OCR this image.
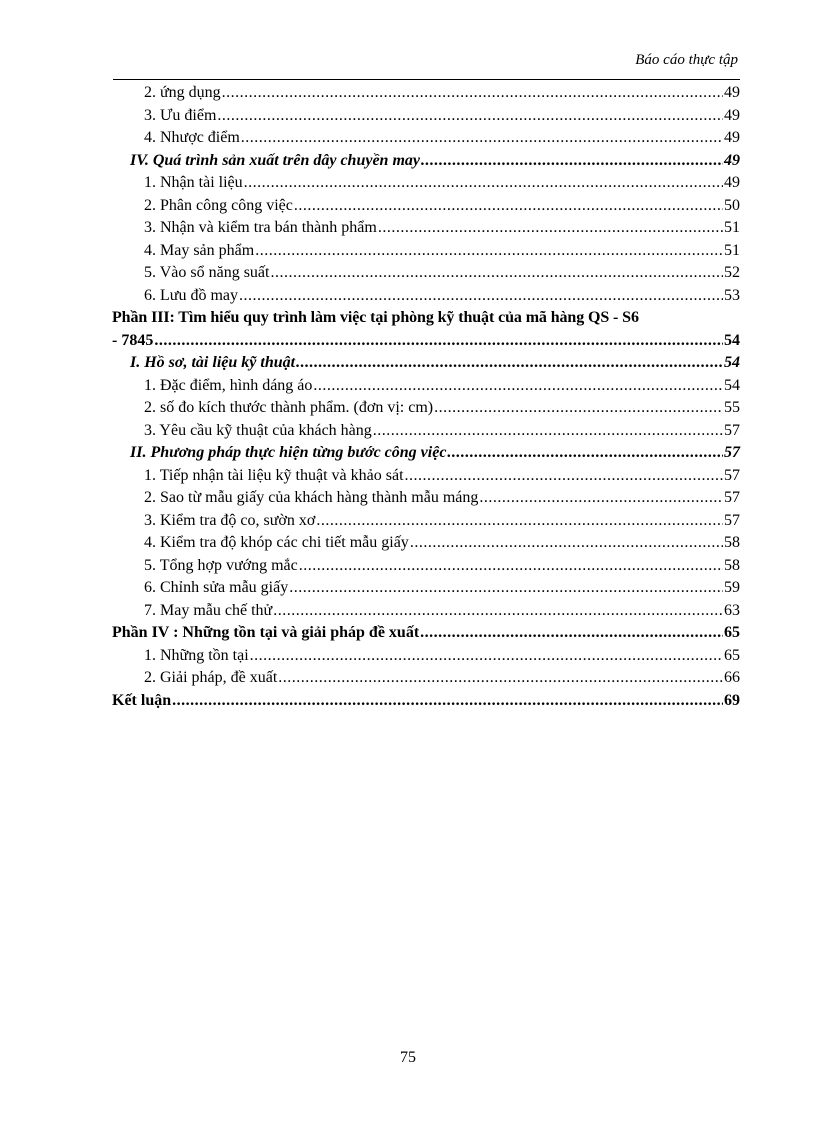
Báo cáo thực tập
2. ứng dụng .....	49
3. Ưu điểm .....	49
4. Nhược điểm .....	49
IV. Quá trình sản xuất trên dây chuyền may .....	49
1. Nhận tài liệu .....	49
2. Phân công công việc .....	50
3. Nhận và kiểm tra bán thành phẩm .....	51
4. May sản phẩm .....	51
5. Vào sổ năng suất .....	52
6. Lưu đồ may .....	53
Phần III: Tìm hiểu quy trình làm việc tại phòng kỹ thuật của mã hàng QS - S6
- 7845 .....	54
I. Hồ sơ, tài liệu kỹ thuật .....	54
1. Đặc điểm, hình dáng áo .....	54
2. số đo kích thước thành phẩm. (đơn vị: cm) .....	55
3. Yêu cầu kỹ thuật của khách hàng .....	57
II. Phương pháp thực hiện từng bước công việc .....	57
1. Tiếp nhận tài liệu kỹ thuật và khảo sát .....	57
2. Sao từ mẫu giấy của khách hàng thành mẫu máng .....	57
3. Kiểm tra độ co, sườn xơ .....	57
4. Kiểm tra độ khóp các chi tiết mẫu giấy .....	58
5. Tổng hợp vướng mắc .....	58
6. Chỉnh sửa mẫu giấy .....	59
7. May mẫu chế thử .....	63
Phần IV : Những tồn tại và giải pháp đề xuất .....	65
1. Những tồn tại .....	65
2. Giải pháp, đề xuất .....	66
Kết luận .....	69
75
